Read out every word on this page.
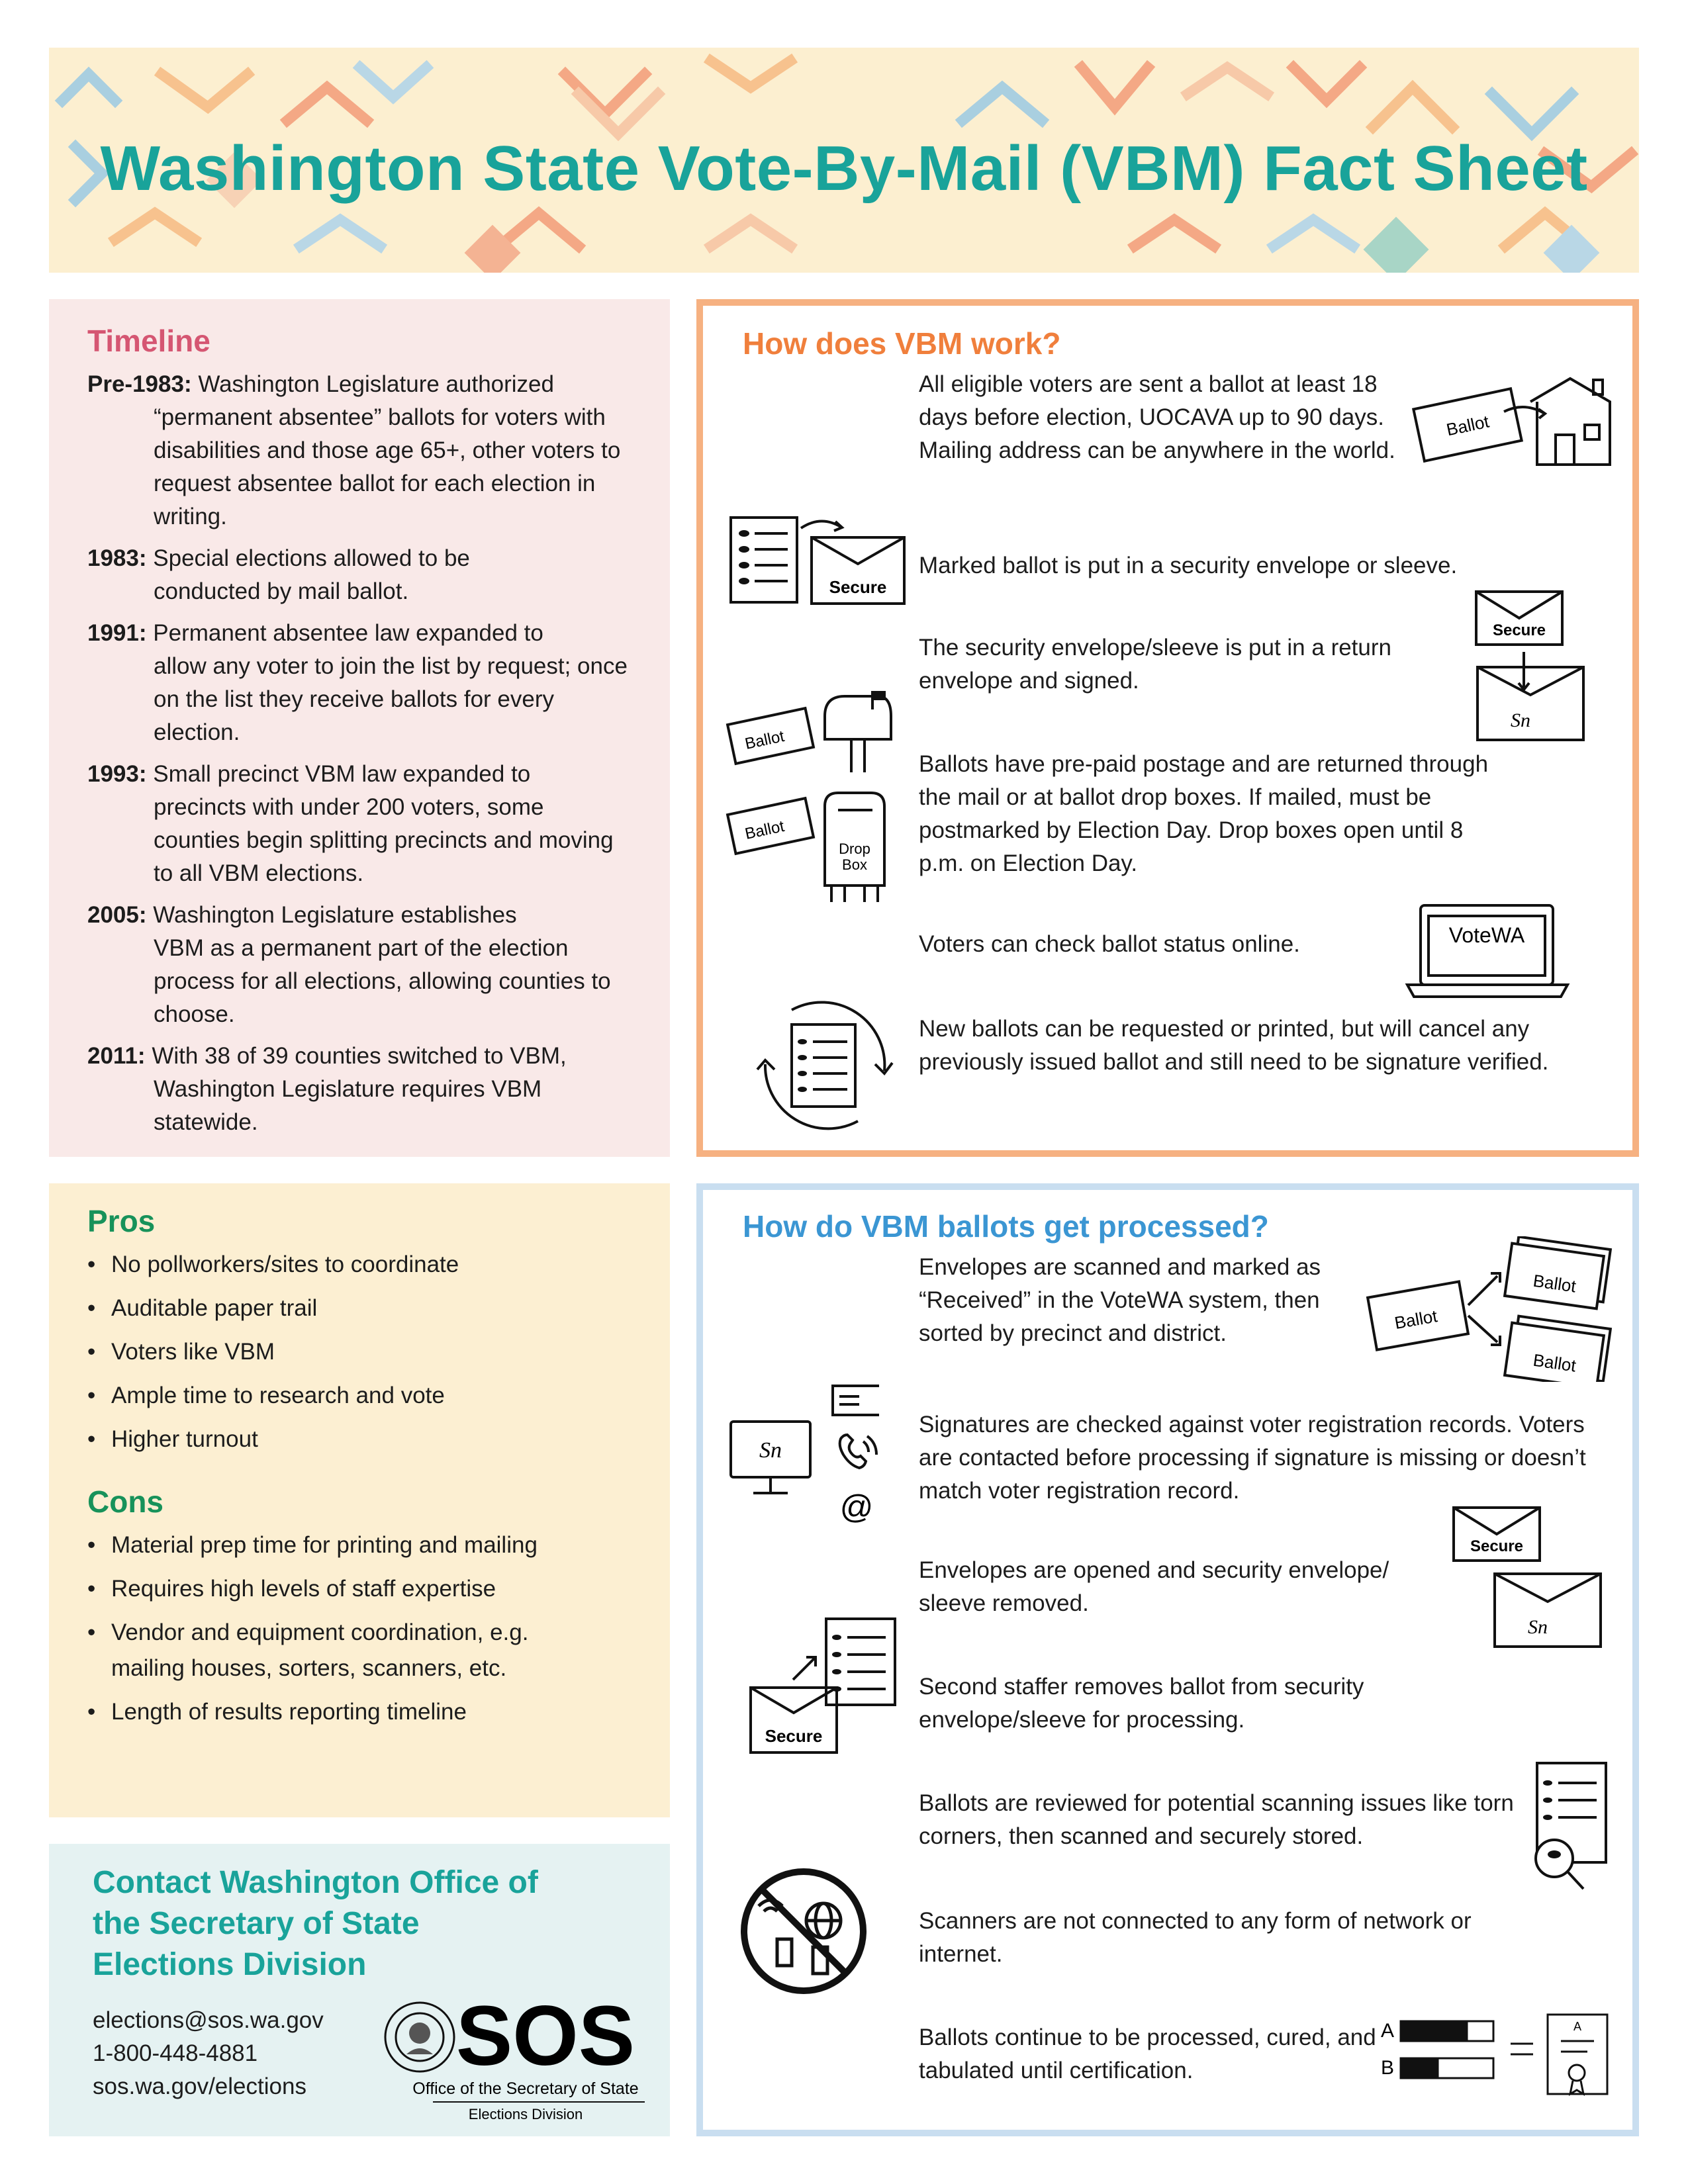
Washington State Vote-By-Mail (VBM) Fact Sheet
Timeline
Pre-1983: Washington Legislature authorized
“permanent absentee” ballots for voters with disabilities and those age 65+, other voters to request absentee ballot for each election in writing.
1983: Special elections allowed to be
conducted by mail ballot.
1991: Permanent absentee law expanded to
allow any voter to join the list by request; once on the list they receive ballots for every election.
1993: Small precinct VBM law expanded to
precincts with under 200 voters, some counties begin splitting precincts and moving to all VBM elections.
2005: Washington Legislature establishes
VBM as a permanent part of the election process for all elections, allowing counties to choose.
2011: With 38 of 39 counties switched to VBM,
Washington Legislature requires VBM statewide.
How does VBM work?
All eligible voters are sent a ballot at least 18 days before election, UOCAVA up to 90 days. Mailing address can be anywhere in the world.
Ballot
Secure
Marked ballot is put in a security envelope or sleeve.
Secure
Sn
The security envelope/sleeve is put in a return envelope and signed.
Ballot
Ballot
Drop
Box
Ballots have pre-paid postage and are returned through the mail or at ballot drop boxes. If mailed, must be postmarked by Election Day. Drop boxes open until 8 p.m. on Election Day.
Voters can check ballot status online.	VoteWA
New ballots can be requested or printed, but will cancel any previously issued ballot and still need to be signature verified.
Pros
• No pollworkers/sites to coordinate
• Auditable paper trail
• Voters like VBM
• Ample time to research and vote
• Higher turnout
Cons
• Material prep time for printing and mailing
• Requires high levels of staff expertise
• Vendor and equipment coordination, e.g. mailing houses, sorters, scanners, etc.
• Length of results reporting timeline
Contact Washington Office of the Secretary of State Elections Division
elections@sos.wa.gov
1-800-448-4881
sos.wa.gov/elections
SOS
Office of the Secretary of State
Elections Division
How do VBM ballots get processed?
Envelopes are scanned and marked as “Received” in the VoteWA system, then sorted by precinct and district.
Ballot
Ballot
Ballot
Sn
@
Signatures are checked against voter registration records. Voters are contacted before processing if signature is missing or doesn’t match voter registration record.
Envelopes are opened and security envelope/ sleeve removed.
Secure
Sn
Secure
Second staffer removes ballot from security envelope/sleeve for processing.
Ballots are reviewed for potential scanning issues like torn corners, then scanned and securely stored.
Scanners are not connected to any form of network or internet.
Ballots continue to be processed, cured, and tabulated until certification.
A
B
A
